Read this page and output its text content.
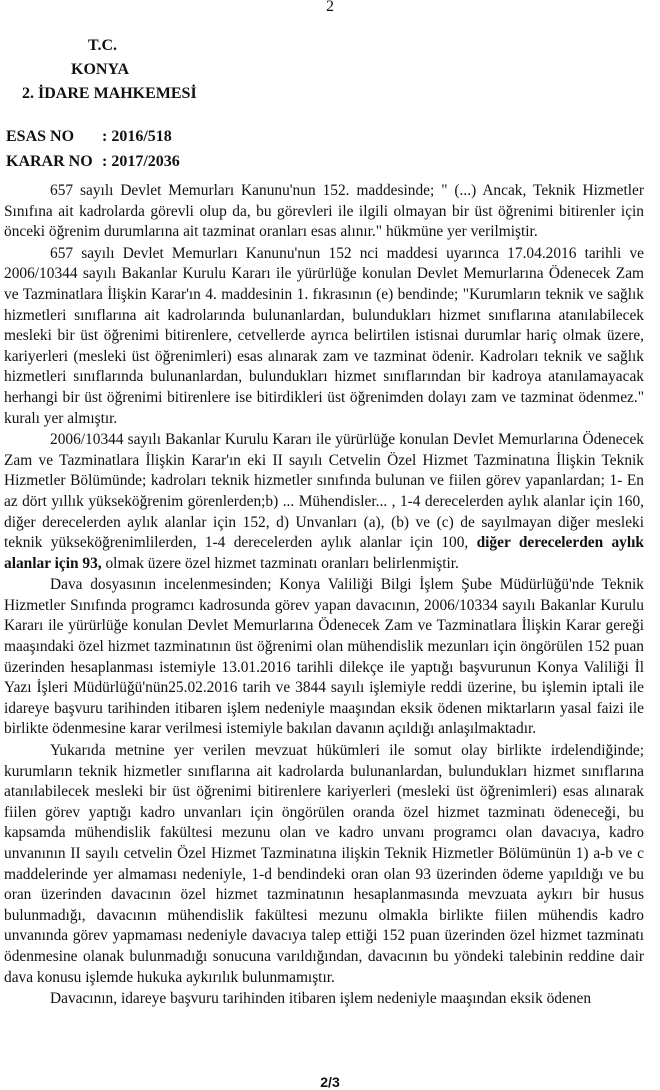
2
T.C.
KONYA
2. İDARE MAHKEMESİ
ESAS NO	: 2016/518
KARAR NO : 2017/2036

657 sayılı Devlet Memurları Kanunu'nun 152. maddesinde; " (...) Ancak, Teknik Hizmetler Sınıfına ait kadrolarda görevli olup da, bu görevleri ile ilgili olmayan bir üst öğrenimi bitirenler için önceki öğrenim durumlarına ait tazminat oranları esas alınır." hükmüne yer verilmiştir.

657 sayılı Devlet Memurları Kanunu'nun 152 nci maddesi uyarınca 17.04.2016 tarihli ve 2006/10344 sayılı Bakanlar Kurulu Kararı ile yürürlüğe konulan Devlet Memurlarına Ödenecek Zam ve Tazminatlara İlişkin Karar'ın 4. maddesinin 1. fıkrasının (e) bendinde; "Kurumların teknik ve sağlık hizmetleri sınıflarına ait kadrolarında bulunanlardan, bulundukları hizmet sınıflarına atanılabilecek mesleki bir üst öğrenimi bitirenlere, cetvellerde ayrıca belirtilen istisnai durumlar hariç olmak üzere, kariyerleri (mesleki üst öğrenimleri) esas alınarak zam ve tazminat ödenir. Kadroları teknik ve sağlık hizmetleri sınıflarında bulunanlardan, bulundukları hizmet sınıflarından bir kadroya atanılamayacak herhangi bir üst öğrenimi bitirenlere ise bitirdikleri üst öğrenimden dolayı zam ve tazminat ödenmez." kuralı yer almıştır.

2006/10344 sayılı Bakanlar Kurulu Kararı ile yürürlüğe konulan Devlet Memurlarına Ödenecek Zam ve Tazminatlara İlişkin Karar'ın eki II sayılı Cetvelin Özel Hizmet Tazminatına İlişkin Teknik Hizmetler Bölümünde; kadroları teknik hizmetler sınıfında bulunan ve fiilen görev yapanlardan; 1- En az dört yıllık yükseköğrenim görenlerden;b) ... Mühendisler... , 1-4 derecelerden aylık alanlar için 160, diğer derecelerden aylık alanlar için 152, d) Unvanları (a), (b) ve (c) de sayılmayan diğer mesleki teknik yükseköğrenimlilerden, 1-4 derecelerden aylık alanlar için 100, diğer derecelerden aylık alanlar için 93, olmak üzere özel hizmet tazminatı oranları belirlenmiştir.

Dava dosyasının incelenmesinden; Konya Valiliği Bilgi İşlem Şube Müdürlüğü'nde Teknik Hizmetler Sınıfında programcı kadrosunda görev yapan davacının, 2006/10334 sayılı Bakanlar Kurulu Kararı ile yürürlüğe konulan Devlet Memurlarına Ödenecek Zam ve Tazminatlara İlişkin Karar gereği maaşındaki özel hizmet tazminatının üst öğrenimi olan mühendislik mezunları için öngörülen 152 puan üzerinden hesaplanması istemiyle 13.01.2016 tarihli dilekçe ile yaptığı başvurunun Konya Valiliği İl Yazı İşleri Müdürlüğü'nün25.02.2016 tarih ve 3844 sayılı işlemiyle reddi üzerine, bu işlemin iptali ile idareye başvuru tarihinden itibaren işlem nedeniyle maaşından eksik ödenen miktarların yasal faizi ile birlikte ödenmesine karar verilmesi istemiyle bakılan davanın açıldığı anlaşılmaktadır.

Yukarıda metnine yer verilen mevzuat hükümleri ile somut olay birlikte irdelendiğinde; kurumların teknik hizmetler sınıflarına ait kadrolarda bulunanlardan, bulundukları hizmet sınıflarına atanılabilecek mesleki bir üst öğrenimi bitirenlere kariyerleri (mesleki üst öğrenimleri) esas alınarak fiilen görev yaptığı kadro unvanları için öngörülen oranda özel hizmet tazminatı ödeneceği, bu kapsamda mühendislik fakültesi mezunu olan ve kadro unvanı programcı olan davacıya, kadro unvanının II sayılı cetvelin Özel Hizmet Tazminatına ilişkin Teknik Hizmetler Bölümünün 1) a-b ve c maddelerinde yer almaması nedeniyle, 1-d bendindeki oran olan 93 üzerinden ödeme yapıldığı ve bu oran üzerinden davacının özel hizmet tazminatının hesaplanmasında mevzuata aykırı bir husus bulunmadığı, davacının mühendislik fakültesi mezunu olmakla birlikte fiilen mühendis kadro unvanında görev yapmaması nedeniyle davacıya talep ettiği 152 puan üzerinden özel hizmet tazminatı ödenmesine olanak bulunmadığı sonucuna varıldığından, davacının bu yöndeki talebinin reddine dair dava konusu işlemde hukuka aykırılık bulunmamıştır.

Davacının, idareye başvuru tarihinden itibaren işlem nedeniyle maaşından eksik ödenen

2/3
